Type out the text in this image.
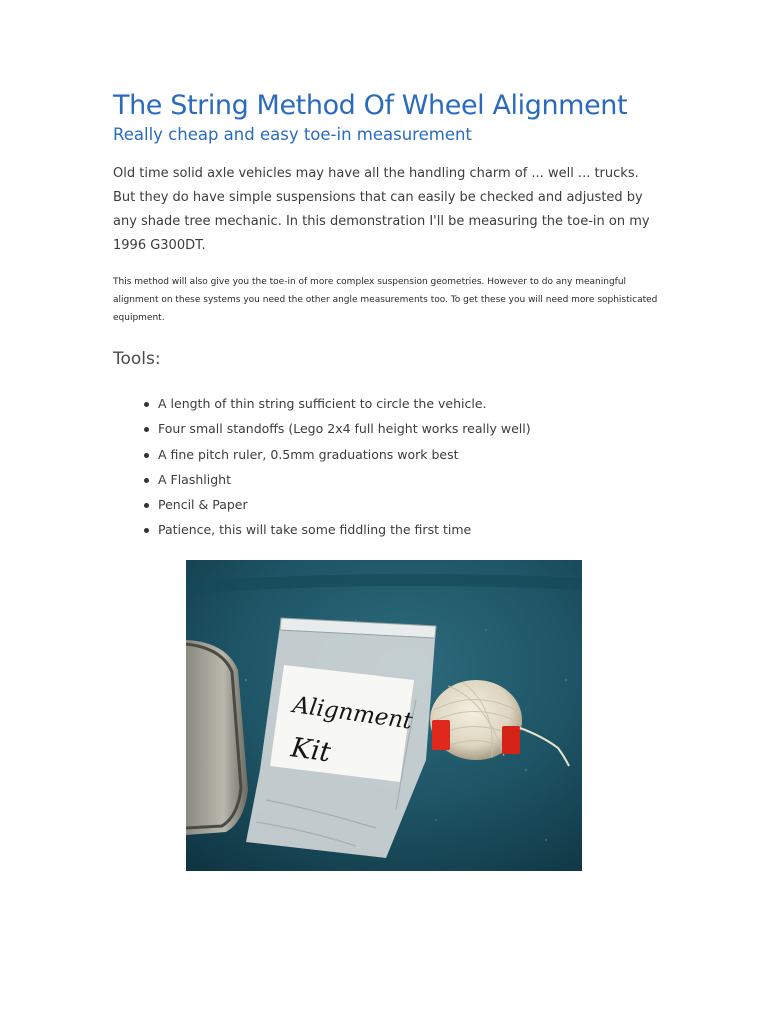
The String Method Of Wheel Alignment
Really cheap and easy toe-in measurement

Old time solid axle vehicles may have all the handling charm of ... well ... trucks. But they do have simple suspensions that can easily be checked and adjusted by any shade tree mechanic. In this demonstration I'll be measuring the toe-in on my 1996 G300DT.

This method will also give you the toe-in of more complex suspension geometries. However to do any meaningful alignment on these systems you need the other angle measurements too. To get these you will need more sophisticated equipment.

Tools:
A length of thin string sufficient to circle the vehicle.
Four small standoffs (Lego 2x4 full height works really well)
A fine pitch ruler, 0.5mm graduations work best
A Flashlight
Pencil & Paper
Patience, this will take some fiddling the first time
Alignment
Kit
